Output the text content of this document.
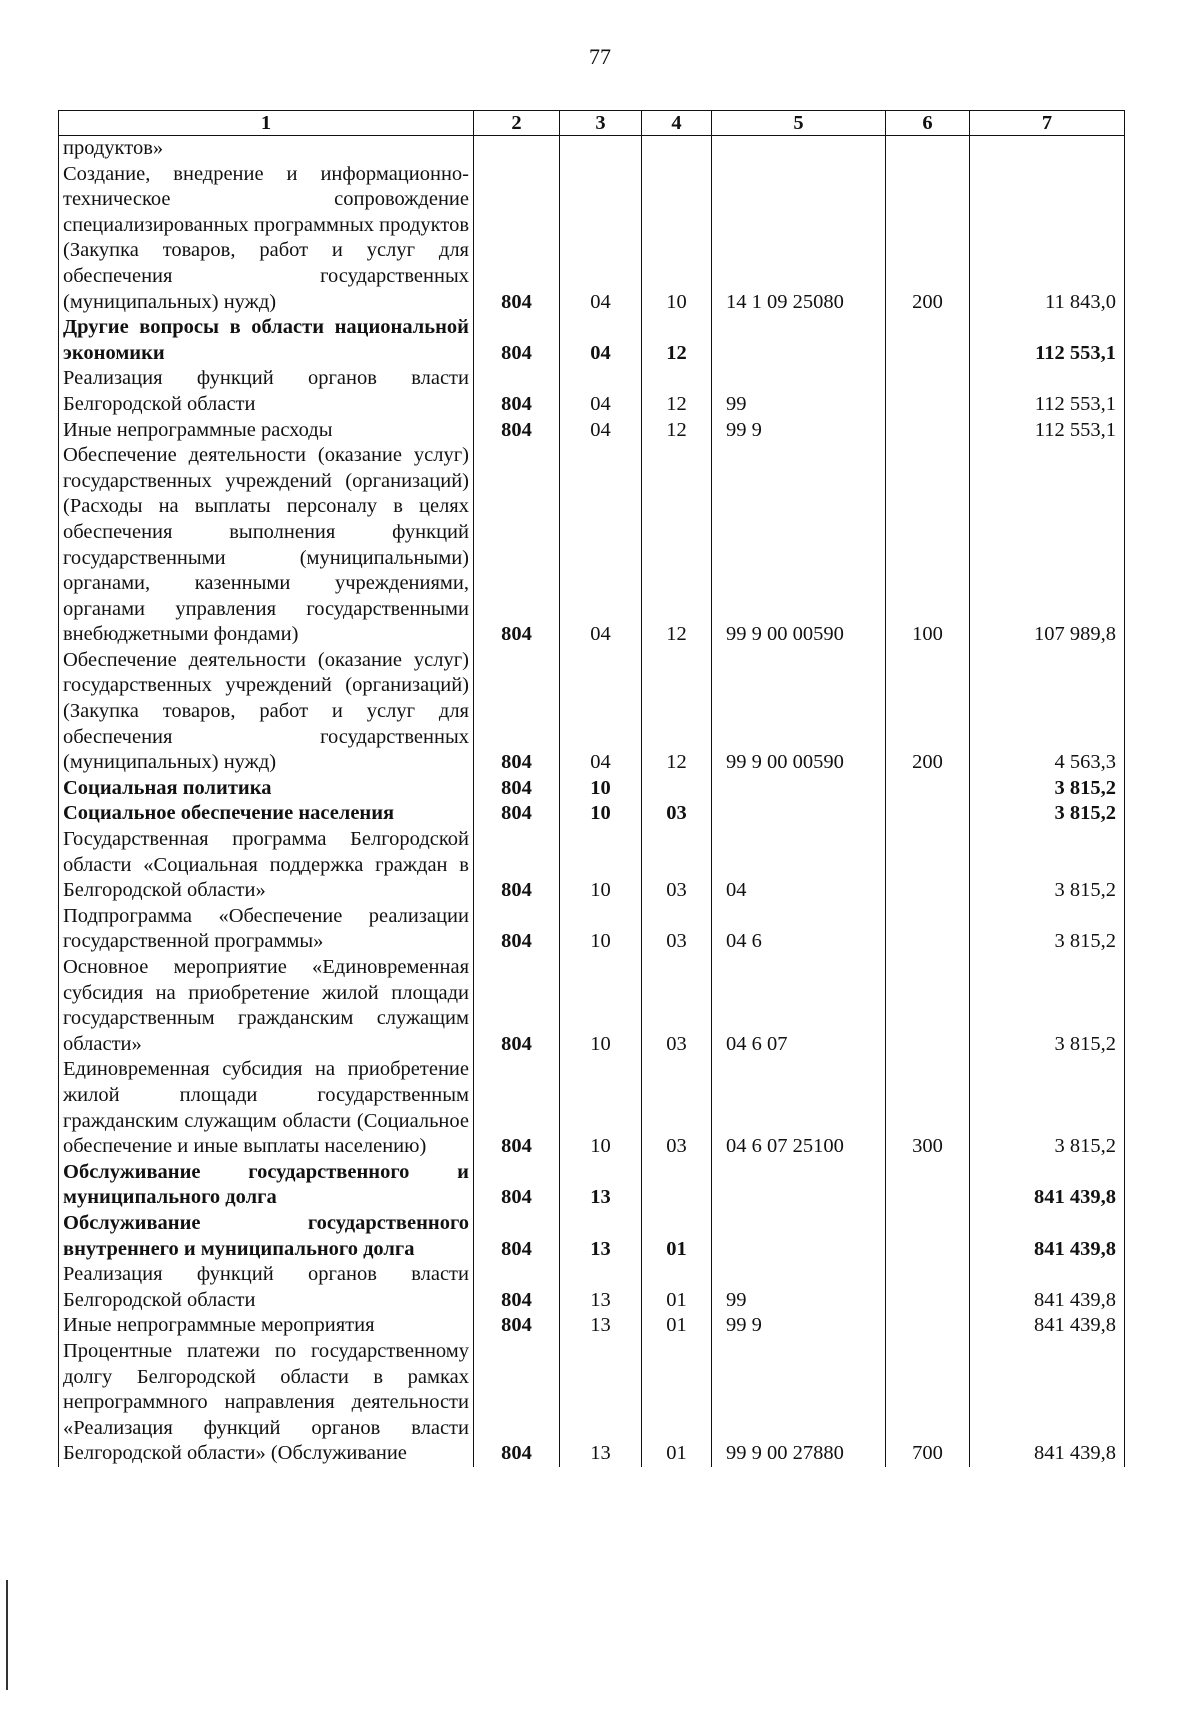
77
1	2	3	4	5	6	7
продуктов»
Создание, внедрение и информационно-техническое сопровождение специализированных программных продуктов (Закупка товаров, работ и услуг для обеспечения государственных (муниципальных) нужд)	804	04	10	14 1 09 25080	200	11 843,0
Другие вопросы в области национальной экономики	804	04	12			112 553,1
Реализация функций органов власти Белгородской области	804	04	12	99		112 553,1
Иные непрограммные расходы	804	04	12	99 9		112 553,1
Обеспечение деятельности (оказание услуг) государственных учреждений (организаций) (Расходы на выплаты персоналу в целях обеспечения выполнения функций государственными (муниципальными) органами, казенными учреждениями, органами управления государственными внебюджетными фондами)	804	04	12	99 9 00 00590	100	107 989,8
Обеспечение деятельности (оказание услуг) государственных учреждений (организаций) (Закупка товаров, работ и услуг для обеспечения государственных (муниципальных) нужд)	804	04	12	99 9 00 00590	200	4 563,3
Социальная политика	804	10				3 815,2
Социальное обеспечение населения	804	10	03			3 815,2
Государственная программа Белгородской области «Социальная поддержка граждан в Белгородской области»	804	10	03	04		3 815,2
Подпрограмма «Обеспечение реализации государственной программы»	804	10	03	04 6		3 815,2
Основное мероприятие «Единовременная субсидия на приобретение жилой площади государственным гражданским служащим области»	804	10	03	04 6 07		3 815,2
Единовременная субсидия на приобретение жилой площади государственным гражданским служащим области (Социальное обеспечение и иные выплаты населению)	804	10	03	04 6 07 25100	300	3 815,2
Обслуживание государственного и муниципального долга	804	13				841 439,8
Обслуживание государственного внутреннего и муниципального долга	804	13	01			841 439,8
Реализация функций органов власти Белгородской области	804	13	01	99		841 439,8
Иные непрограммные мероприятия	804	13	01	99 9		841 439,8
Процентные платежи по государственному долгу Белгородской области в рамках непрограммного направления деятельности «Реализация функций органов власти Белгородской области» (Обслуживание	804	13	01	99 9 00 27880	700	841 439,8
